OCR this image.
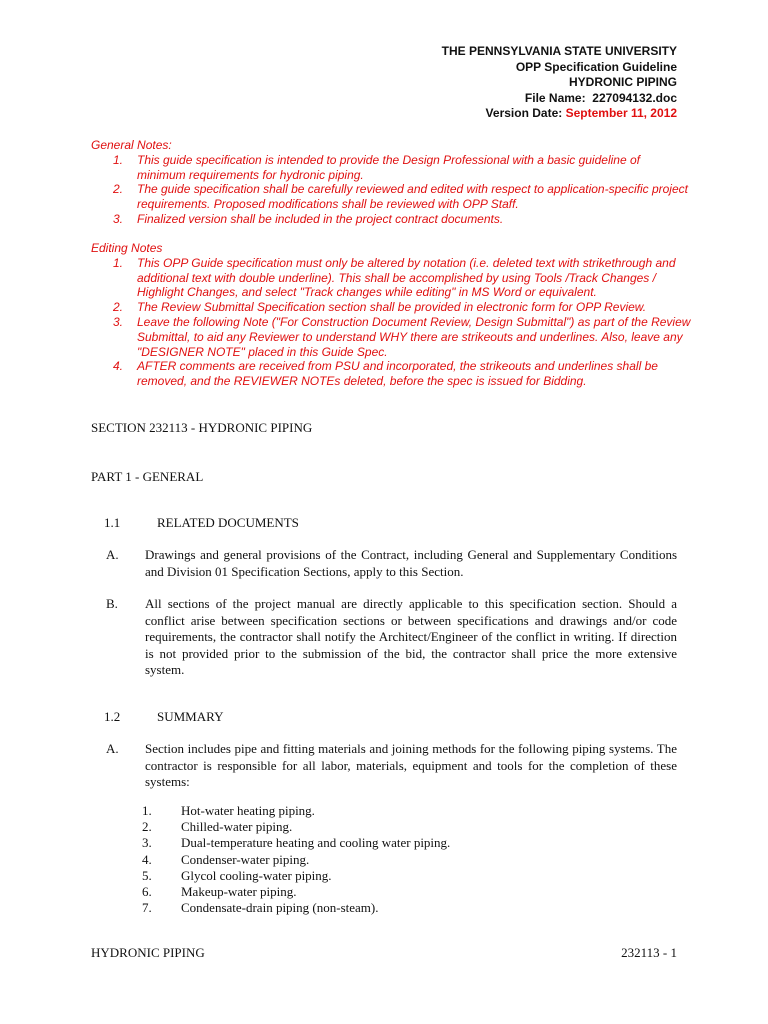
THE PENNSYLVANIA STATE UNIVERSITY
OPP Specification Guideline
HYDRONIC PIPING
File Name: 227094132.doc
Version Date: September 11, 2012
General Notes:
1. This guide specification is intended to provide the Design Professional with a basic guideline of minimum requirements for hydronic piping.
2. The guide specification shall be carefully reviewed and edited with respect to application-specific project requirements. Proposed modifications shall be reviewed with OPP Staff.
3. Finalized version shall be included in the project contract documents.
Editing Notes
1. This OPP Guide specification must only be altered by notation (i.e. deleted text with strikethrough and additional text with double underline). This shall be accomplished by using Tools /Track Changes / Highlight Changes, and select "Track changes while editing" in MS Word or equivalent.
2. The Review Submittal Specification section shall be provided in electronic form for OPP Review.
3. Leave the following Note ("For Construction Document Review, Design Submittal") as part of the Review Submittal, to aid any Reviewer to understand WHY there are strikeouts and underlines. Also, leave any "DESIGNER NOTE" placed in this Guide Spec.
4. AFTER comments are received from PSU and incorporated, the strikeouts and underlines shall be removed, and the REVIEWER NOTEs deleted, before the spec is issued for Bidding.
SECTION 232113 - HYDRONIC PIPING
PART 1 - GENERAL
1.1	RELATED DOCUMENTS
A. Drawings and general provisions of the Contract, including General and Supplementary Conditions and Division 01 Specification Sections, apply to this Section.
B. All sections of the project manual are directly applicable to this specification section. Should a conflict arise between specification sections or between specifications and drawings and/or code requirements, the contractor shall notify the Architect/Engineer of the conflict in writing. If direction is not provided prior to the submission of the bid, the contractor shall price the more extensive system.
1.2	SUMMARY
A. Section includes pipe and fitting materials and joining methods for the following piping systems. The contractor is responsible for all labor, materials, equipment and tools for the completion of these systems:
1. Hot-water heating piping.
2. Chilled-water piping.
3. Dual-temperature heating and cooling water piping.
4. Condenser-water piping.
5. Glycol cooling-water piping.
6. Makeup-water piping.
7. Condensate-drain piping (non-steam).
HYDRONIC PIPING	232113 - 1
